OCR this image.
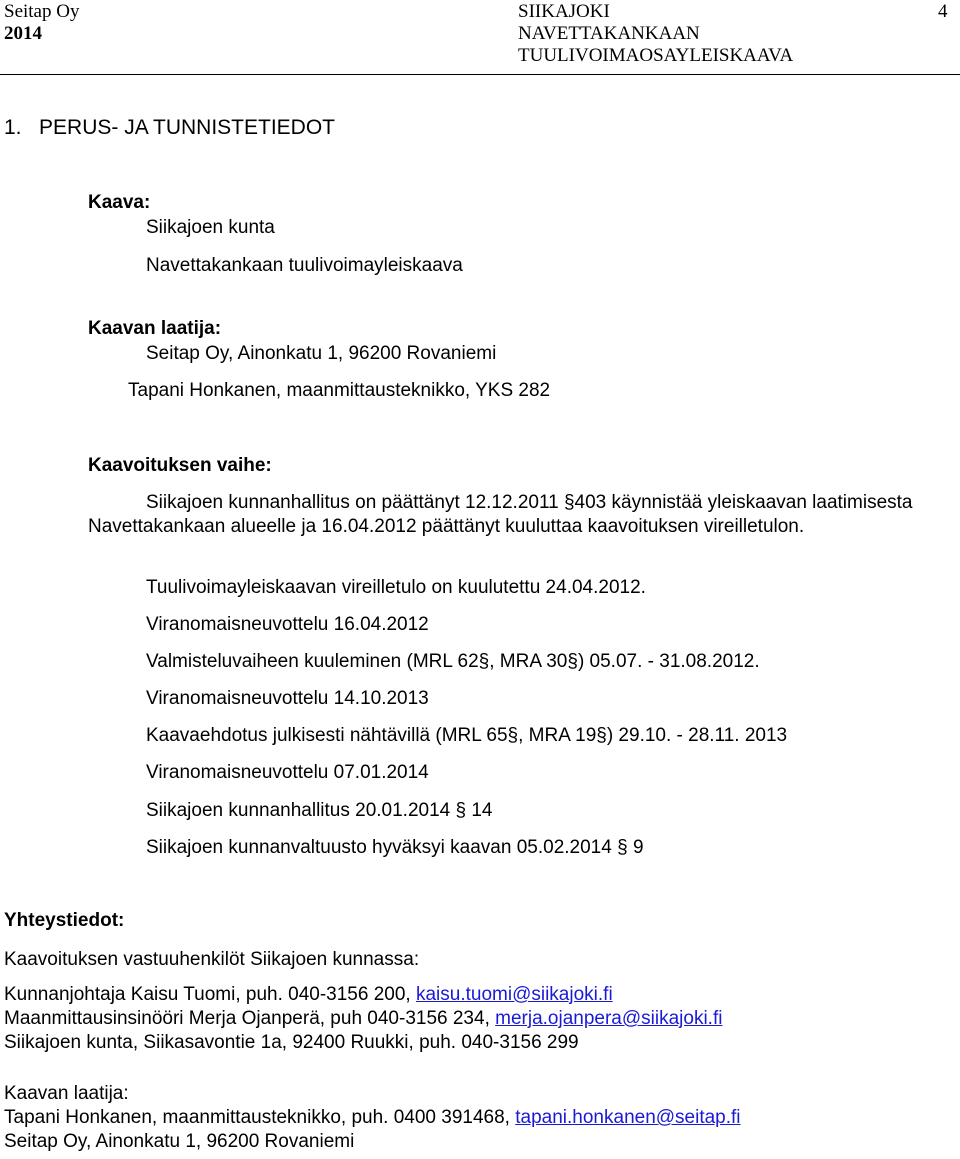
Seitap Oy
2014
SIIKAJOKI
NAVETTAKANKAAN
TUULIVOIMAOSAYLEISKAAVA
4
1.   PERUS- JA TUNNISTETIEDOT
Kaava:
Siikajoen kunta
Navettakankaan tuulivoimayleiskaava
Kaavan laatija:
Seitap Oy, Ainonkatu 1, 96200 Rovaniemi
Tapani Honkanen, maanmittausteknikko, YKS 282
Kaavoituksen vaihe:
Siikajoen kunnanhallitus on päättänyt 12.12.2011 §403 käynnistää yleiskaavan laatimisesta Navettakankaan alueelle ja 16.04.2012 päättänyt kuuluttaa kaavoituksen vireilletulon.
Tuulivoimayleiskaavan vireilletulo on kuulutettu 24.04.2012.
Viranomaisneuvottelu 16.04.2012
Valmisteluvaiheen kuuleminen (MRL 62§, MRA 30§) 05.07. - 31.08.2012.
Viranomaisneuvottelu 14.10.2013
Kaavaehdotus julkisesti nähtävillä (MRL 65§, MRA 19§) 29.10. - 28.11. 2013
Viranomaisneuvottelu 07.01.2014
Siikajoen kunnanhallitus 20.01.2014 § 14
Siikajoen kunnanvaltuusto hyväksyi kaavan 05.02.2014 § 9
Yhteystiedot:
Kaavoituksen vastuuhenkilöt Siikajoen kunnassa:
Kunnanjohtaja Kaisu Tuomi, puh. 040-3156 200, kaisu.tuomi@siikajoki.fi
Maanmittausinsinööri Merja Ojanperä, puh 040-3156 234, merja.ojanpera@siikajoki.fi
Siikajoen kunta, Siikasavontie 1a, 92400 Ruukki, puh. 040-3156 299
Kaavan laatija:
Tapani Honkanen, maanmittausteknikko, puh. 0400 391468, tapani.honkanen@seitap.fi
Seitap Oy, Ainonkatu 1, 96200 Rovaniemi
